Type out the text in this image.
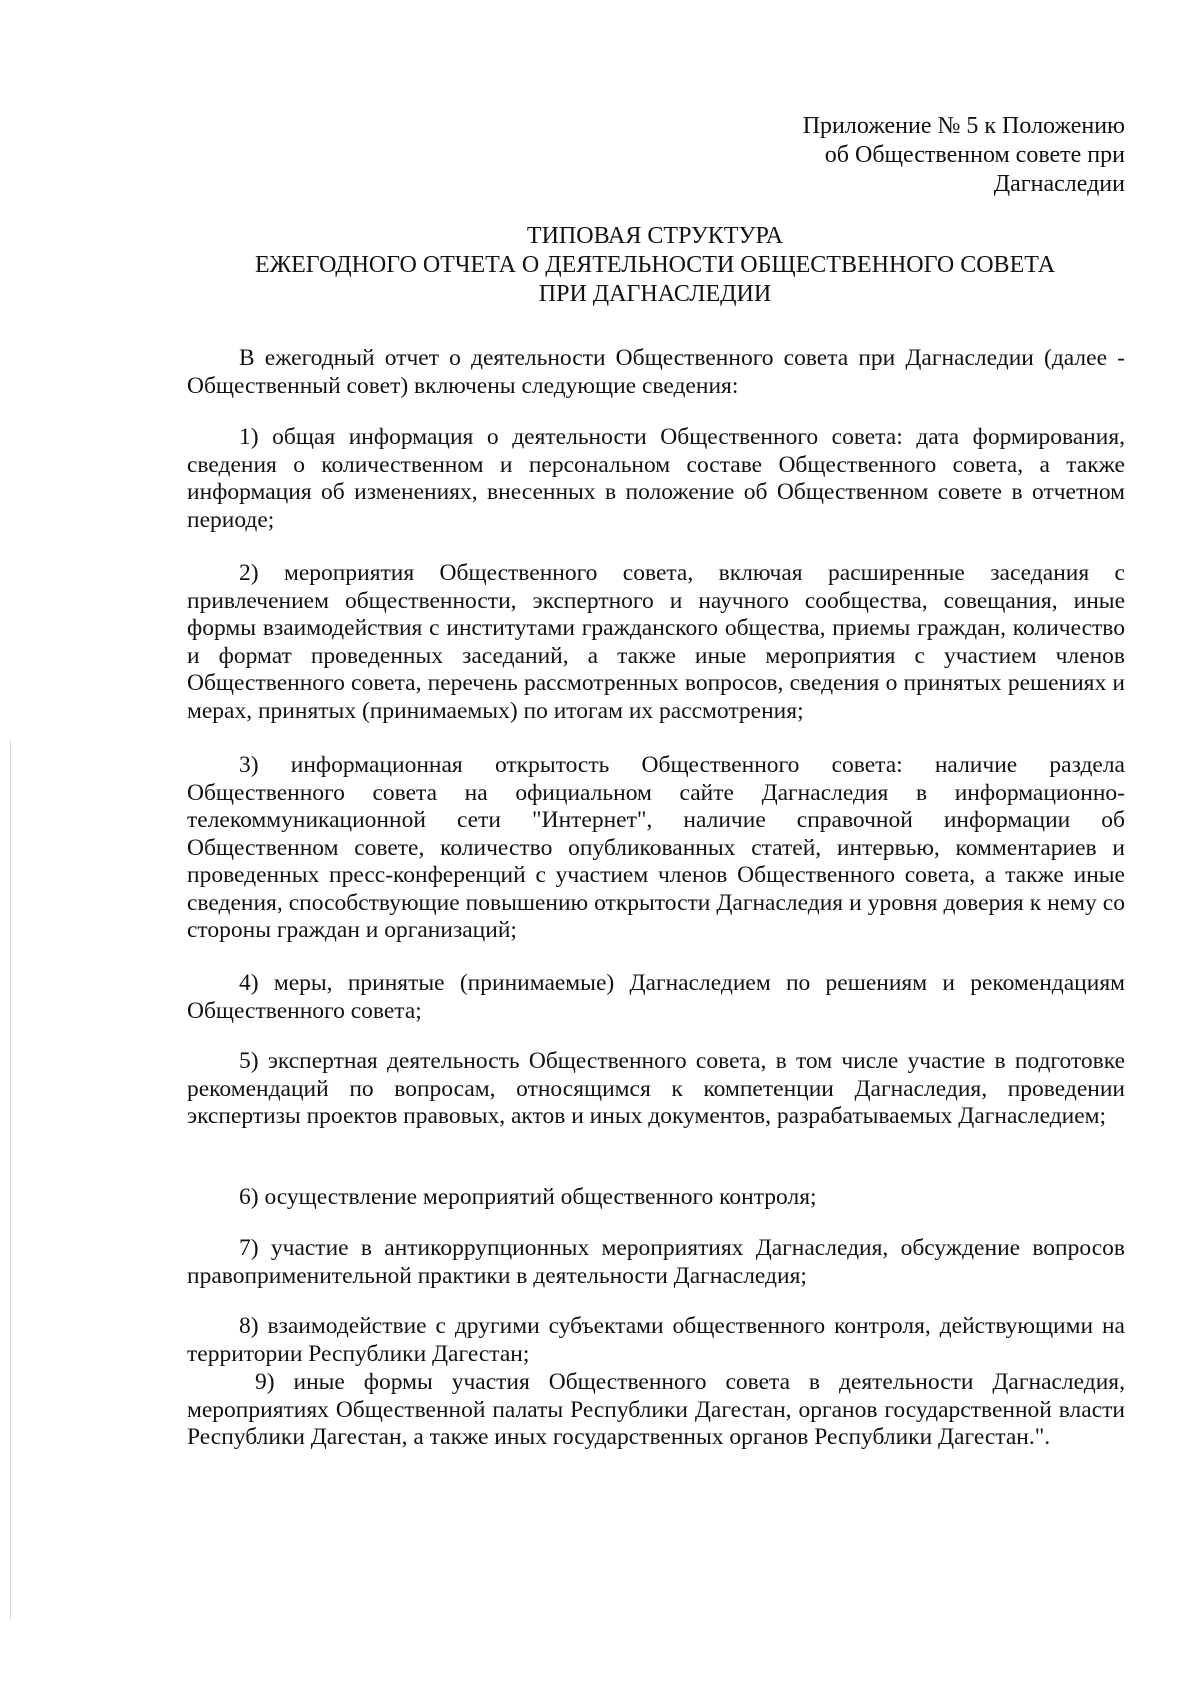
Приложение № 5 к Положению
об Общественном совете при
Дагнаследии
ТИПОВАЯ СТРУКТУРА
ЕЖЕГОДНОГО ОТЧЕТА О ДЕЯТЕЛЬНОСТИ ОБЩЕСТВЕННОГО СОВЕТА
ПРИ ДАГНАСЛЕДИИ

В ежегодный отчет о деятельности Общественного совета при Дагнаследии (далее - Общественный совет) включены следующие сведения:

1) общая информация о деятельности Общественного совета: дата формирования, сведения о количественном и персональном составе Общественного совета, а также информация об изменениях, внесенных в положение об Общественном совете в отчетном периоде;

2) мероприятия Общественного совета, включая расширенные заседания с привлечением общественности, экспертного и научного сообщества, совещания, иные формы взаимодействия с институтами гражданского общества, приемы граждан, количество и формат проведенных заседаний, а также иные мероприятия с участием членов Общественного совета, перечень рассмотренных вопросов, сведения о принятых решениях и мерах, принятых (принимаемых) по итогам их рассмотрения;

3) информационная открытость Общественного совета: наличие раздела Общественного совета на официальном сайте Дагнаследия в информационно-телекоммуникационной сети "Интернет", наличие справочной информации об Общественном совете, количество опубликованных статей, интервью, комментариев и проведенных пресс-конференций с участием членов Общественного совета, а также иные сведения, способствующие повышению открытости Дагнаследия и уровня доверия к нему со стороны граждан и организаций;

4) меры, принятые (принимаемые) Дагнаследием по решениям и рекомендациям Общественного совета;

5) экспертная деятельность Общественного совета, в том числе участие в подготовке рекомендаций по вопросам, относящимся к компетенции Дагнаследия, проведении экспертизы проектов правовых, актов и иных документов, разрабатываемых Дагнаследием;

6) осуществление мероприятий общественного контроля;

7) участие в антикоррупционных мероприятиях Дагнаследия, обсуждение вопросов правоприменительной практики в деятельности Дагнаследия;

8) взаимодействие с другими субъектами общественного контроля, действующими на территории Республики Дагестан;

9) иные формы участия Общественного совета в деятельности Дагнаследия, мероприятиях Общественной палаты Республики Дагестан, органов государственной власти Республики Дагестан, а также иных государственных органов Республики Дагестан.".
